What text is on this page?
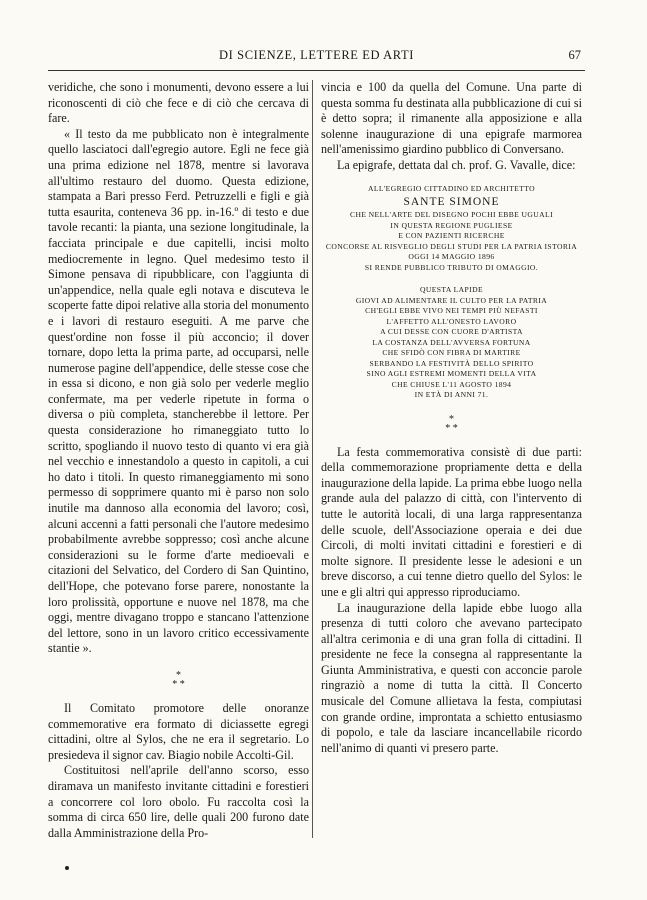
DI SCIENZE, LETTERE ED ARTI	67

veridiche, che sono i monumenti, devono essere a lui riconoscenti di ciò che fece e di ciò che cercava di fare.

« Il testo da me pubblicato non è integralmente quello lasciatoci dall'egregio autore. Egli ne fece già una prima edizione nel 1878, mentre si lavorava all'ultimo restauro del duomo. Questa edizione, stampata a Bari presso Ferd. Petruzzelli e figli e già tutta esaurita, conteneva 36 pp. in-16.º di testo e due tavole recanti: la pianta, una sezione longitudinale, la facciata principale e due capitelli, incisi molto mediocremente in legno. Quel medesimo testo il Simone pensava di ripubblicare, con l'aggiunta di un'appendice, nella quale egli notava e discuteva le scoperte fatte dipoi relative alla storia del monumento e i lavori di restauro eseguiti. A me parve che quest'ordine non fosse il più acconcio; il dover tornare, dopo letta la prima parte, ad occuparsi, nelle numerose pagine dell'appendice, delle stesse cose che in essa si dicono, e non già solo per vederle meglio confermate, ma per vederle ripetute in forma o diversa o più completa, stancherebbe il lettore. Per questa considerazione ho rimaneggiato tutto lo scritto, spogliando il nuovo testo di quanto vi era già nel vecchio e innestandolo a questo in capitoli, a cui ho dato i titoli. In questo rimaneggiamento mi sono permesso di sopprimere quanto mi è parso non solo inutile ma dannoso alla economia del lavoro; così, alcuni accenni a fatti personali che l'autore medesimo probabilmente avrebbe soppresso; così anche alcune considerazioni su le forme d'arte medioevali e citazioni del Selvatico, del Cordero di San Quintino, dell'Hope, che potevano forse parere, nonostante la loro prolissità, opportune e nuove nel 1878, ma che oggi, mentre divagano troppo e stancano l'attenzione del lettore, sono in un lavoro critico eccessivamente stantie ».

*
* *

Il Comitato promotore delle onoranze commemorative era formato di diciassette egregi cittadini, oltre al Sylos, che ne era il segretario. Lo presiedeva il signor cav. Biagio nobile Accolti-Gil.

Costituitosi nell'aprile dell'anno scorso, esso diramava un manifesto invitante cittadini e forestieri a concorrere col loro obolo. Fu raccolta così la somma di circa 650 lire, delle quali 200 furono date dalla Amministrazione della Pro-

vincia e 100 da quella del Comune. Una parte di questa somma fu destinata alla pubblicazione di cui si è detto sopra; il rimanente alla apposizione e alla solenne inaugurazione di una epigrafe marmorea nell'amenissimo giardino pubblico di Conversano.

La epigrafe, dettata dal ch. prof. G. Vavalle, dice:

ALL'EGREGIO CITTADINO ED ARCHITETTO
SANTE SIMONE
CHE NELL'ARTE DEL DISEGNO POCHI EBBE UGUALI
IN QUESTA REGIONE PUGLIESE
E CON PAZIENTI RICERCHE
CONCORSE AL RISVEGLIO DEGLI STUDI PER LA PATRIA ISTORIA
OGGI 14 MAGGIO 1896
SI RENDE PUBBLICO TRIBUTO DI OMAGGIO.
QUESTA LAPIDE
GIOVI AD ALIMENTARE IL CULTO PER LA PATRIA
CH'EGLI EBBE VIVO NEI TEMPI PIÙ NEFASTI
L'AFFETTO ALL'ONESTO LAVORO
A CUI DESSE CON CUORE D'ARTISTA
LA COSTANZA DELL'AVVERSA FORTUNA
CHE SFIDÒ CON FIBRA DI MARTIRE
SERBANDO LA FESTIVITÀ DELLO SPIRITO
SINO AGLI ESTREMI MOMENTI DELLA VITA
CHE CHIUSE L'11 AGOSTO 1894
IN ETÀ DI ANNI 71.
*
* *

La festa commemorativa consistè di due parti: della commemorazione propriamente detta e della inaugurazione della lapide. La prima ebbe luogo nella grande aula del palazzo di città, con l'intervento di tutte le autorità locali, di una larga rappresentanza delle scuole, dell'Associazione operaia e dei due Circoli, di molti invitati cittadini e forestieri e di molte signore. Il presidente lesse le adesioni e un breve discorso, a cui tenne dietro quello del Sylos: le une e gli altri qui appresso riproduciamo.

La inaugurazione della lapide ebbe luogo alla presenza di tutti coloro che avevano partecipato all'altra cerimonia e di una gran folla di cittadini. Il presidente ne fece la consegna al rappresentante la Giunta Amministrativa, e questi con acconcie parole ringraziò a nome di tutta la città. Il Concerto musicale del Comune allietava la festa, compiutasi con grande ordine, improntata a schietto entusiasmo di popolo, e tale da lasciare incancellabile ricordo nell'animo di quanti vi presero parte.
